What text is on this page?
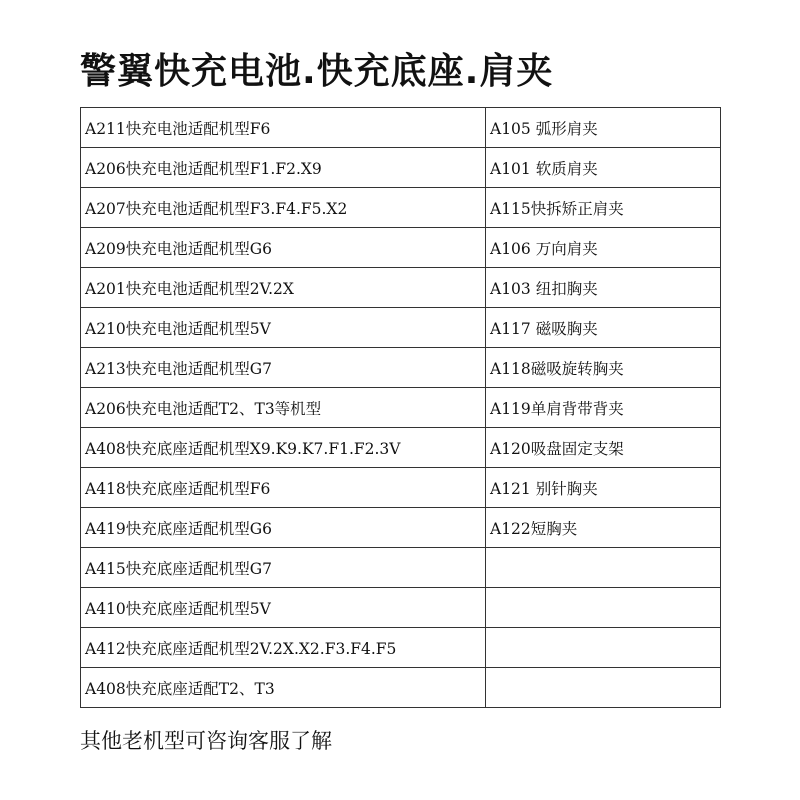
警翼快充电池.快充底座.肩夹
A211快充电池适配机型F6	A105 弧形肩夹
A206快充电池适配机型F1.F2.X9	A101 软质肩夹
A207快充电池适配机型F3.F4.F5.X2	A115快拆矫正肩夹
A209快充电池适配机型G6	A106 万向肩夹
A201快充电池适配机型2V.2X	A103 纽扣胸夹
A210快充电池适配机型5V	A117 磁吸胸夹
A213快充电池适配机型G7	A118磁吸旋转胸夹
A206快充电池适配T2、T3等机型	A119单肩背带背夹
A408快充底座适配机型X9.K9.K7.F1.F2.3V	A120吸盘固定支架
A418快充底座适配机型F6	A121 别针胸夹
A419快充底座适配机型G6	A122短胸夹
A415快充底座适配机型G7	
A410快充底座适配机型5V	
A412快充底座适配机型2V.2X.X2.F3.F4.F5	
A408快充底座适配T2、T3	
其他老机型可咨询客服了解
